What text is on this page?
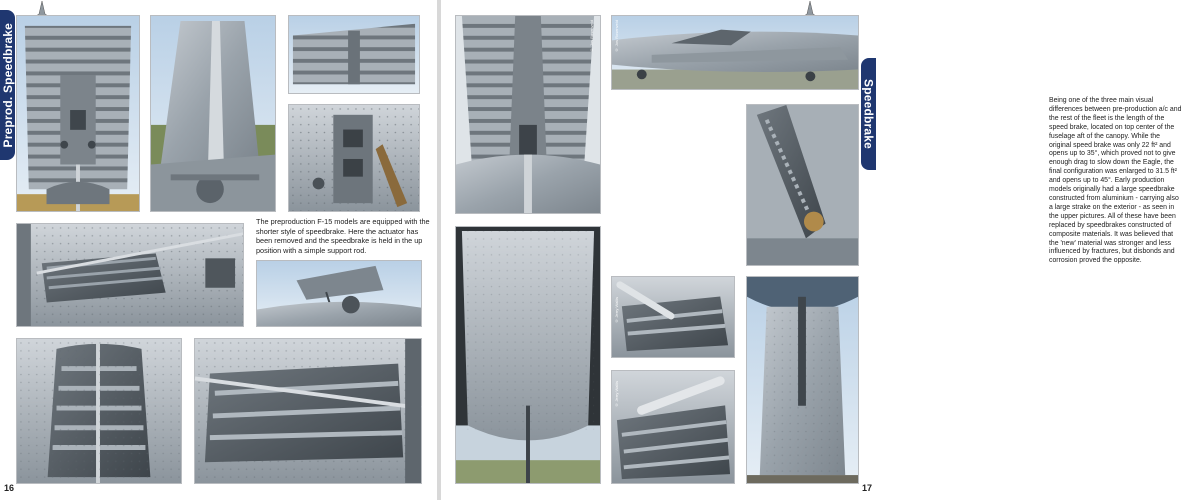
Preprod. Speedbrake
The preproduction F-15 models are equipped with the shorter style of speedbrake. Here the actuator has been removed and the speedbrake is held in the up position with a simple support rod.
16
Speedbrake
© Jos Rosenveld	© Jos Rosenveld
© Jerry Wallis
© Jerry Wallis
Being one of the three main visual differences between pre-production a/c and the rest of the fleet is the length of the speed brake, located on top center of the fuselage aft of the canopy. While the original speed brake was only 22 ft² and opens up to 35°, which proved not to give enough drag to slow down the Eagle, the final configuration was enlarged to 31.5 ft² and opens up to 45°. Early production models originally had a large speedbrake constructed from aluminium - carrying also a large strake on the exterior - as seen in the upper pictures. All of these have been replaced by speedbrakes constructed of composite materials. It was believed that the 'new' material was stronger and less influenced by fractures, but disbonds and corrosion proved the opposite.
17
